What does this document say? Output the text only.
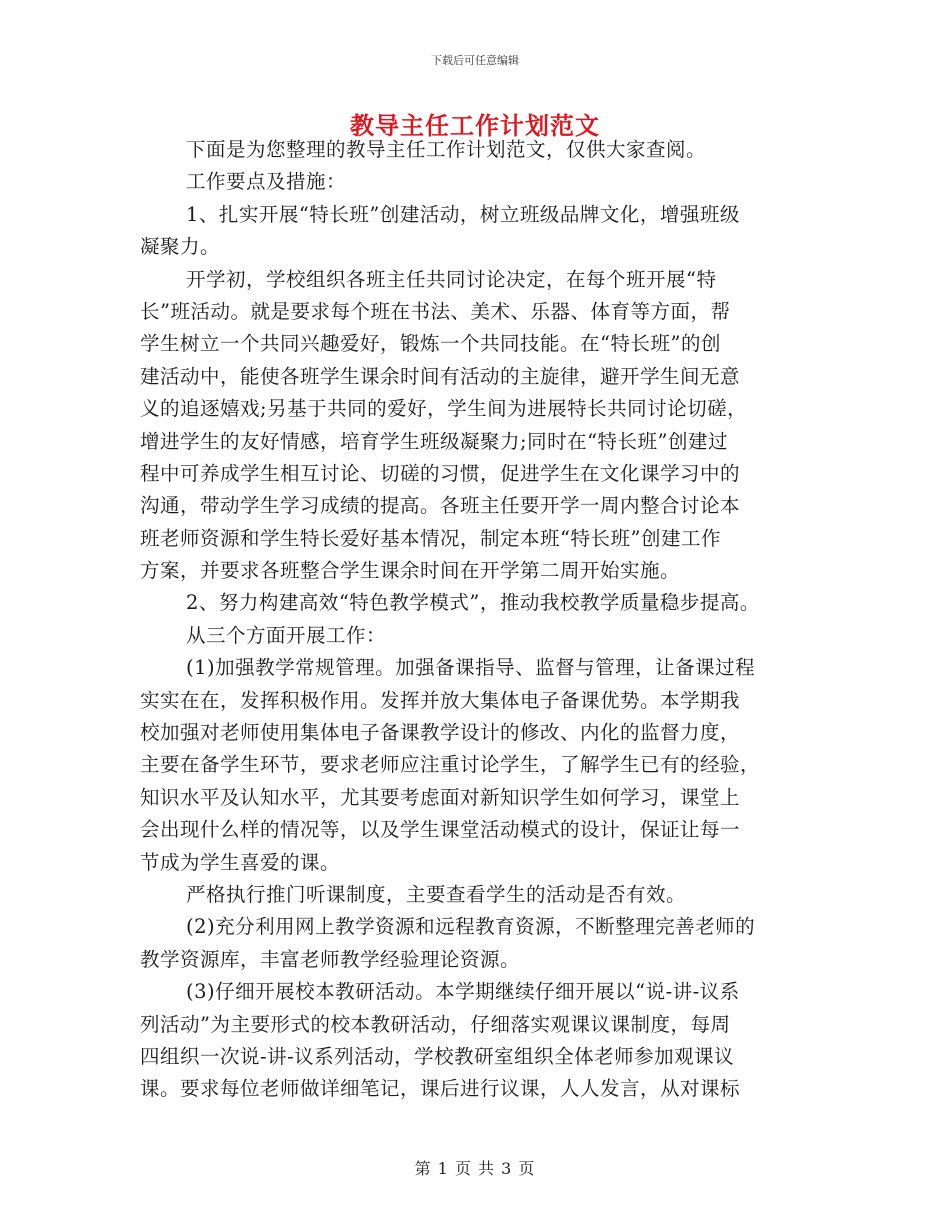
下载后可任意编辑
教导主任工作计划范文
下面是为您整理的教导主任工作计划范文，仅供大家查阅。
工作要点及措施：
1、扎实开展“特长班”创建活动，树立班级品牌文化，增强班级
凝聚力。
开学初，学校组织各班主任共同讨论决定，在每个班开展“特
长”班活动。就是要求每个班在书法、美术、乐器、体育等方面，帮
学生树立一个共同兴趣爱好，锻炼一个共同技能。在“特长班”的创
建活动中，能使各班学生课余时间有活动的主旋律，避开学生间无意
义的追逐嬉戏;另基于共同的爱好，学生间为进展特长共同讨论切磋，
增进学生的友好情感，培育学生班级凝聚力;同时在“特长班”创建过
程中可养成学生相互讨论、切磋的习惯，促进学生在文化课学习中的
沟通，带动学生学习成绩的提高。各班主任要开学一周内整合讨论本
班老师资源和学生特长爱好基本情况，制定本班“特长班”创建工作
方案，并要求各班整合学生课余时间在开学第二周开始实施。
2、努力构建高效“特色教学模式”，推动我校教学质量稳步提高。
从三个方面开展工作：
(1)加强教学常规管理。加强备课指导、监督与管理，让备课过程
实实在在，发挥积极作用。发挥并放大集体电子备课优势。本学期我
校加强对老师使用集体电子备课教学设计的修改、内化的监督力度，
主要在备学生环节，要求老师应注重讨论学生，了解学生已有的经验，
知识水平及认知水平，尤其要考虑面对新知识学生如何学习，课堂上
会出现什么样的情况等，以及学生课堂活动模式的设计，保证让每一
节成为学生喜爱的课。
严格执行推门听课制度，主要查看学生的活动是否有效。
(2)充分利用网上教学资源和远程教育资源，不断整理完善老师的
教学资源库，丰富老师教学经验理论资源。
(3)仔细开展校本教研活动。本学期继续仔细开展以“说-讲-议系
列活动”为主要形式的校本教研活动，仔细落实观课议课制度，每周
四组织一次说-讲-议系列活动，学校教研室组织全体老师参加观课议
课。要求每位老师做详细笔记，课后进行议课，人人发言，从对课标
第 1 页 共 3 页
